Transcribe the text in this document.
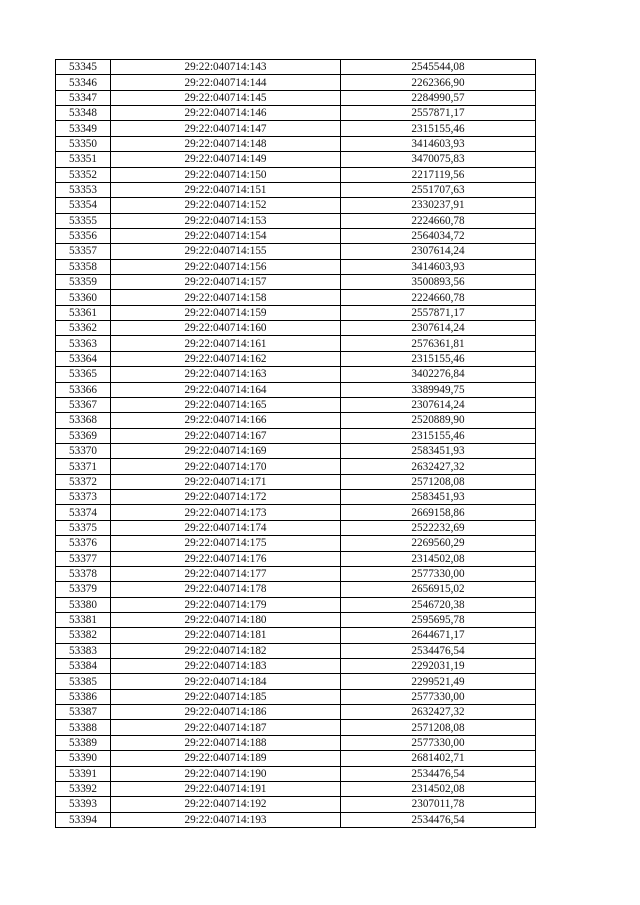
53345	29:22:040714:143	2545544,08
53346	29:22:040714:144	2262366,90
53347	29:22:040714:145	2284990,57
53348	29:22:040714:146	2557871,17
53349	29:22:040714:147	2315155,46
53350	29:22:040714:148	3414603,93
53351	29:22:040714:149	3470075,83
53352	29:22:040714:150	2217119,56
53353	29:22:040714:151	2551707,63
53354	29:22:040714:152	2330237,91
53355	29:22:040714:153	2224660,78
53356	29:22:040714:154	2564034,72
53357	29:22:040714:155	2307614,24
53358	29:22:040714:156	3414603,93
53359	29:22:040714:157	3500893,56
53360	29:22:040714:158	2224660,78
53361	29:22:040714:159	2557871,17
53362	29:22:040714:160	2307614,24
53363	29:22:040714:161	2576361,81
53364	29:22:040714:162	2315155,46
53365	29:22:040714:163	3402276,84
53366	29:22:040714:164	3389949,75
53367	29:22:040714:165	2307614,24
53368	29:22:040714:166	2520889,90
53369	29:22:040714:167	2315155,46
53370	29:22:040714:169	2583451,93
53371	29:22:040714:170	2632427,32
53372	29:22:040714:171	2571208,08
53373	29:22:040714:172	2583451,93
53374	29:22:040714:173	2669158,86
53375	29:22:040714:174	2522232,69
53376	29:22:040714:175	2269560,29
53377	29:22:040714:176	2314502,08
53378	29:22:040714:177	2577330,00
53379	29:22:040714:178	2656915,02
53380	29:22:040714:179	2546720,38
53381	29:22:040714:180	2595695,78
53382	29:22:040714:181	2644671,17
53383	29:22:040714:182	2534476,54
53384	29:22:040714:183	2292031,19
53385	29:22:040714:184	2299521,49
53386	29:22:040714:185	2577330,00
53387	29:22:040714:186	2632427,32
53388	29:22:040714:187	2571208,08
53389	29:22:040714:188	2577330,00
53390	29:22:040714:189	2681402,71
53391	29:22:040714:190	2534476,54
53392	29:22:040714:191	2314502,08
53393	29:22:040714:192	2307011,78
53394	29:22:040714:193	2534476,54
